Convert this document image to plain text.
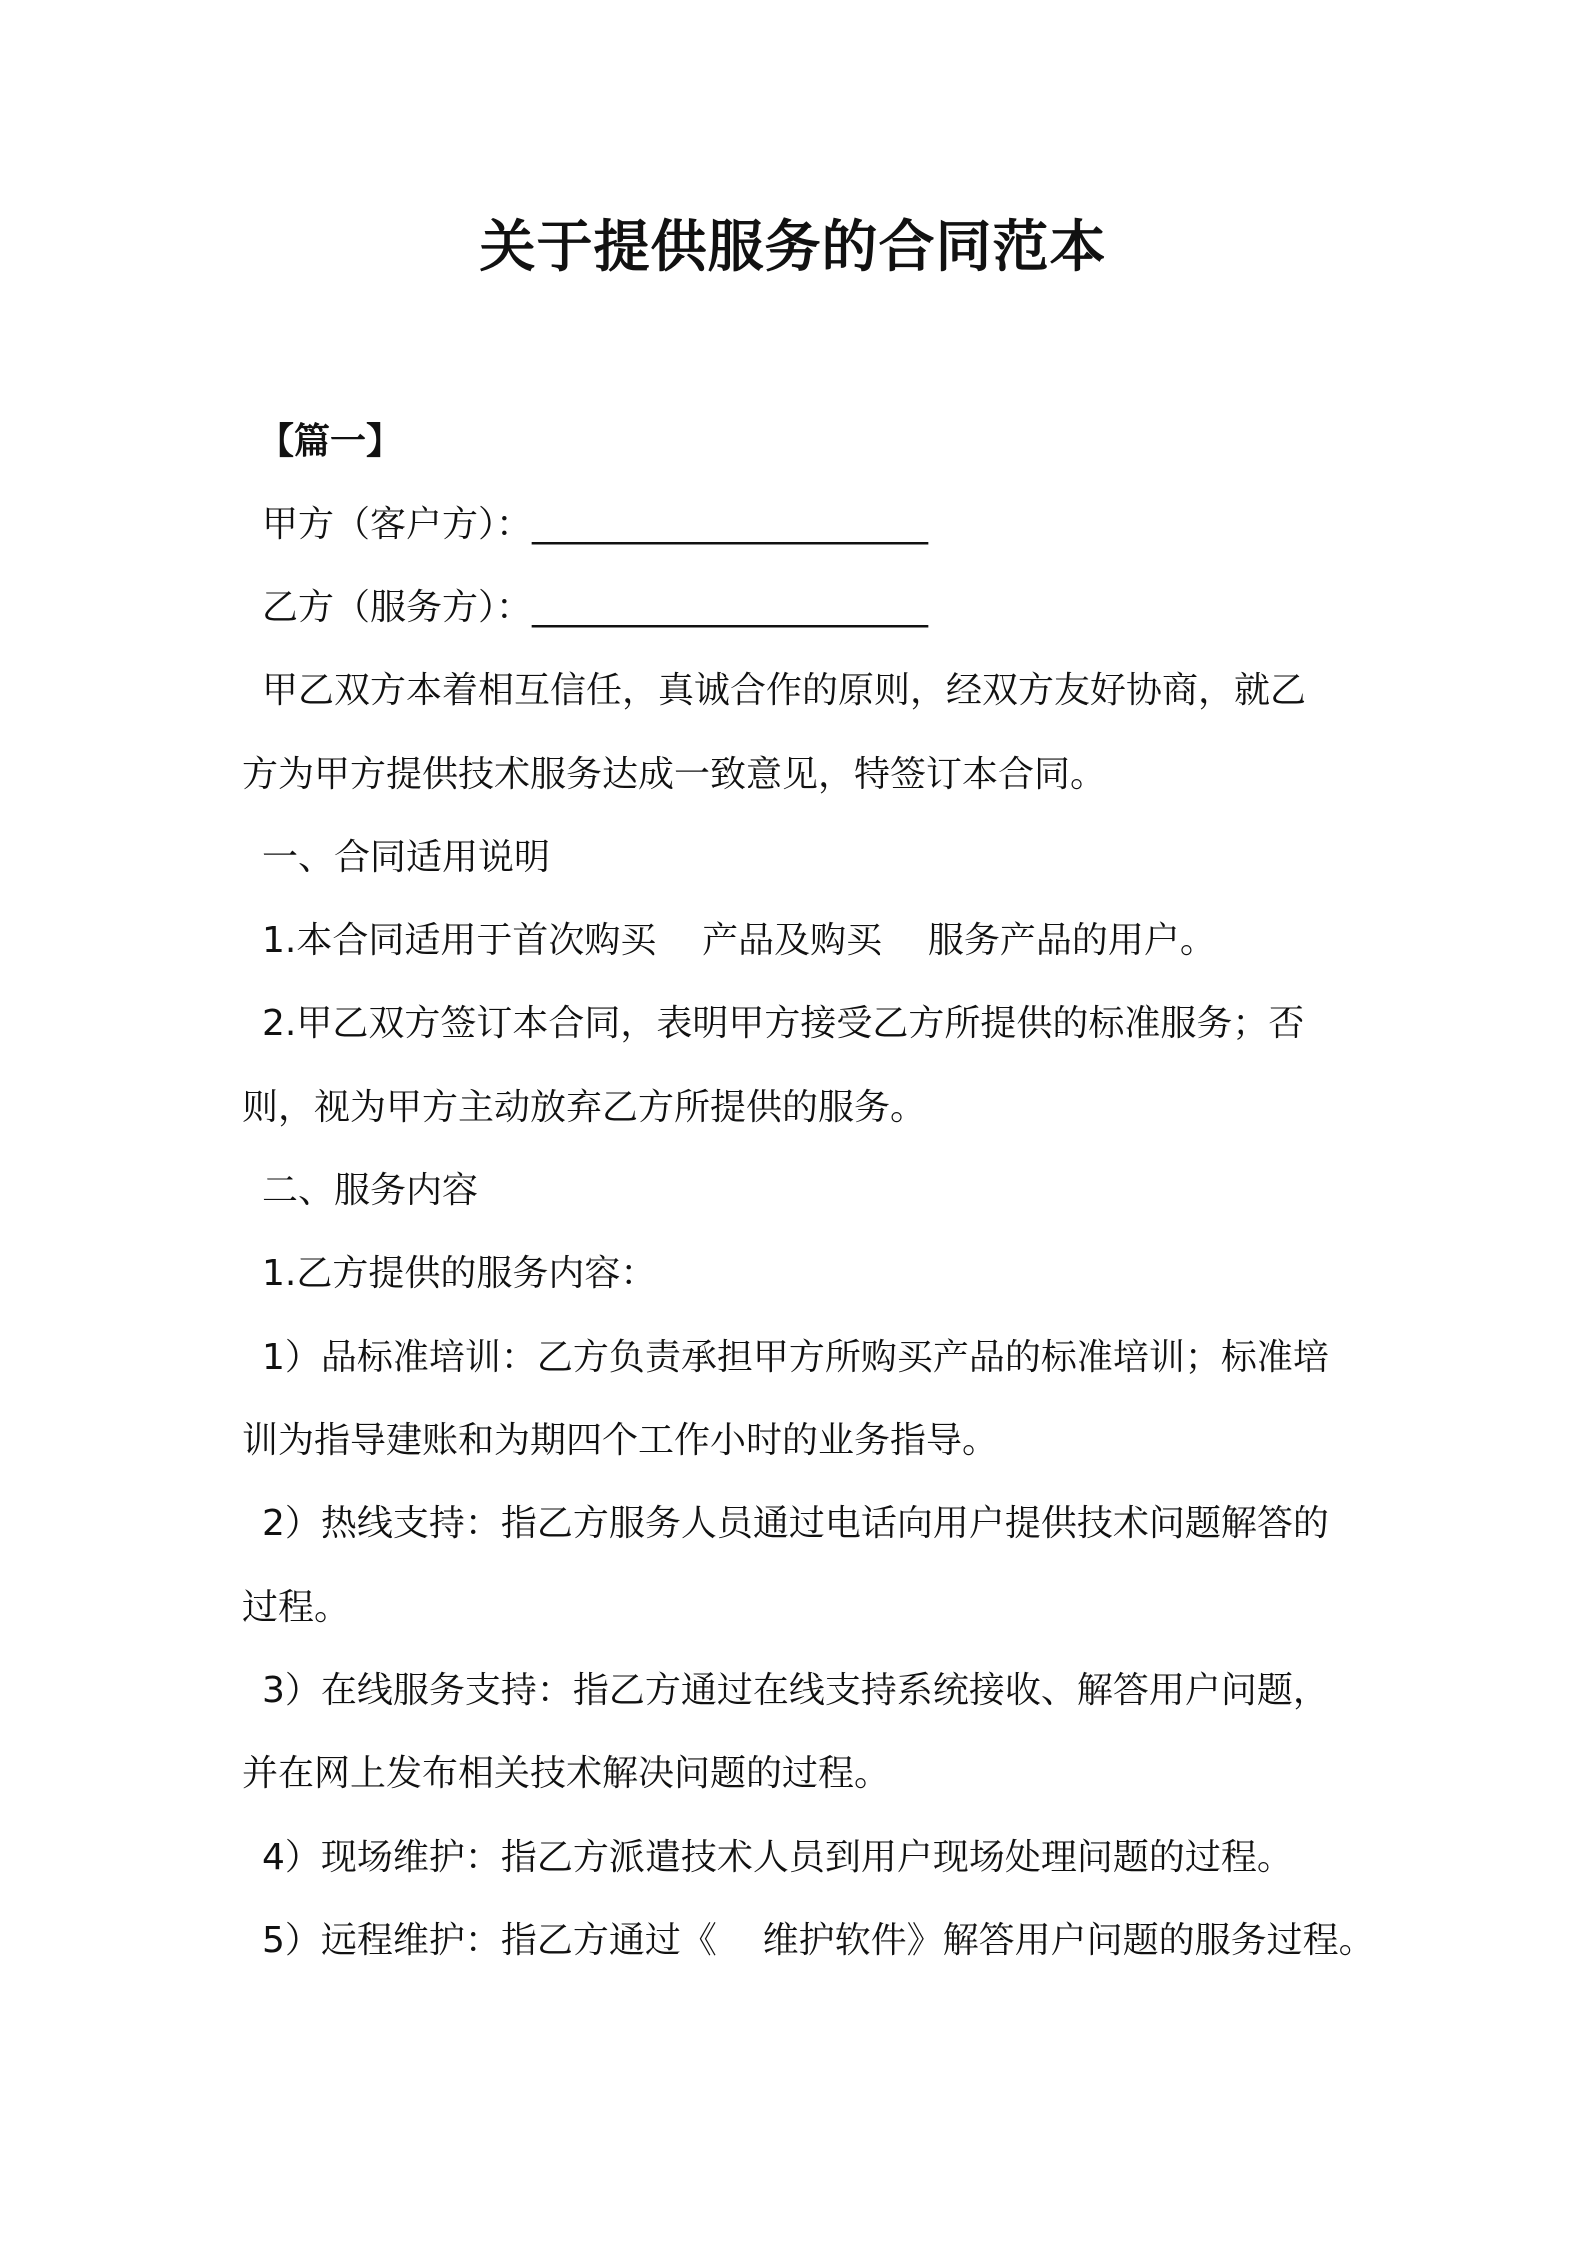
关于提供服务的合同范本

【篇一】

甲方（客户方）：______________________

乙方（服务方）：______________________

甲乙双方本着相互信任，真诚合作的原则，经双方友好协商，就乙

方为甲方提供技术服务达成一致意见，特签订本合同。

一、合同适用说明

1.本合同适用于首次购买    产品及购买    服务产品的用户。

2.甲乙双方签订本合同，表明甲方接受乙方所提供的标准服务；否

则，视为甲方主动放弃乙方所提供的服务。

二、服务内容

1.乙方提供的服务内容：

1）品标准培训：乙方负责承担甲方所购买产品的标准培训；标准培

训为指导建账和为期四个工作小时的业务指导。

2）热线支持：指乙方服务人员通过电话向用户提供技术问题解答的

过程。

3）在线服务支持：指乙方通过在线支持系统接收、解答用户问题，

并在网上发布相关技术解决问题的过程。

4）现场维护：指乙方派遣技术人员到用户现场处理问题的过程。

5）远程维护：指乙方通过《    维护软件》解答用户问题的服务过程。
